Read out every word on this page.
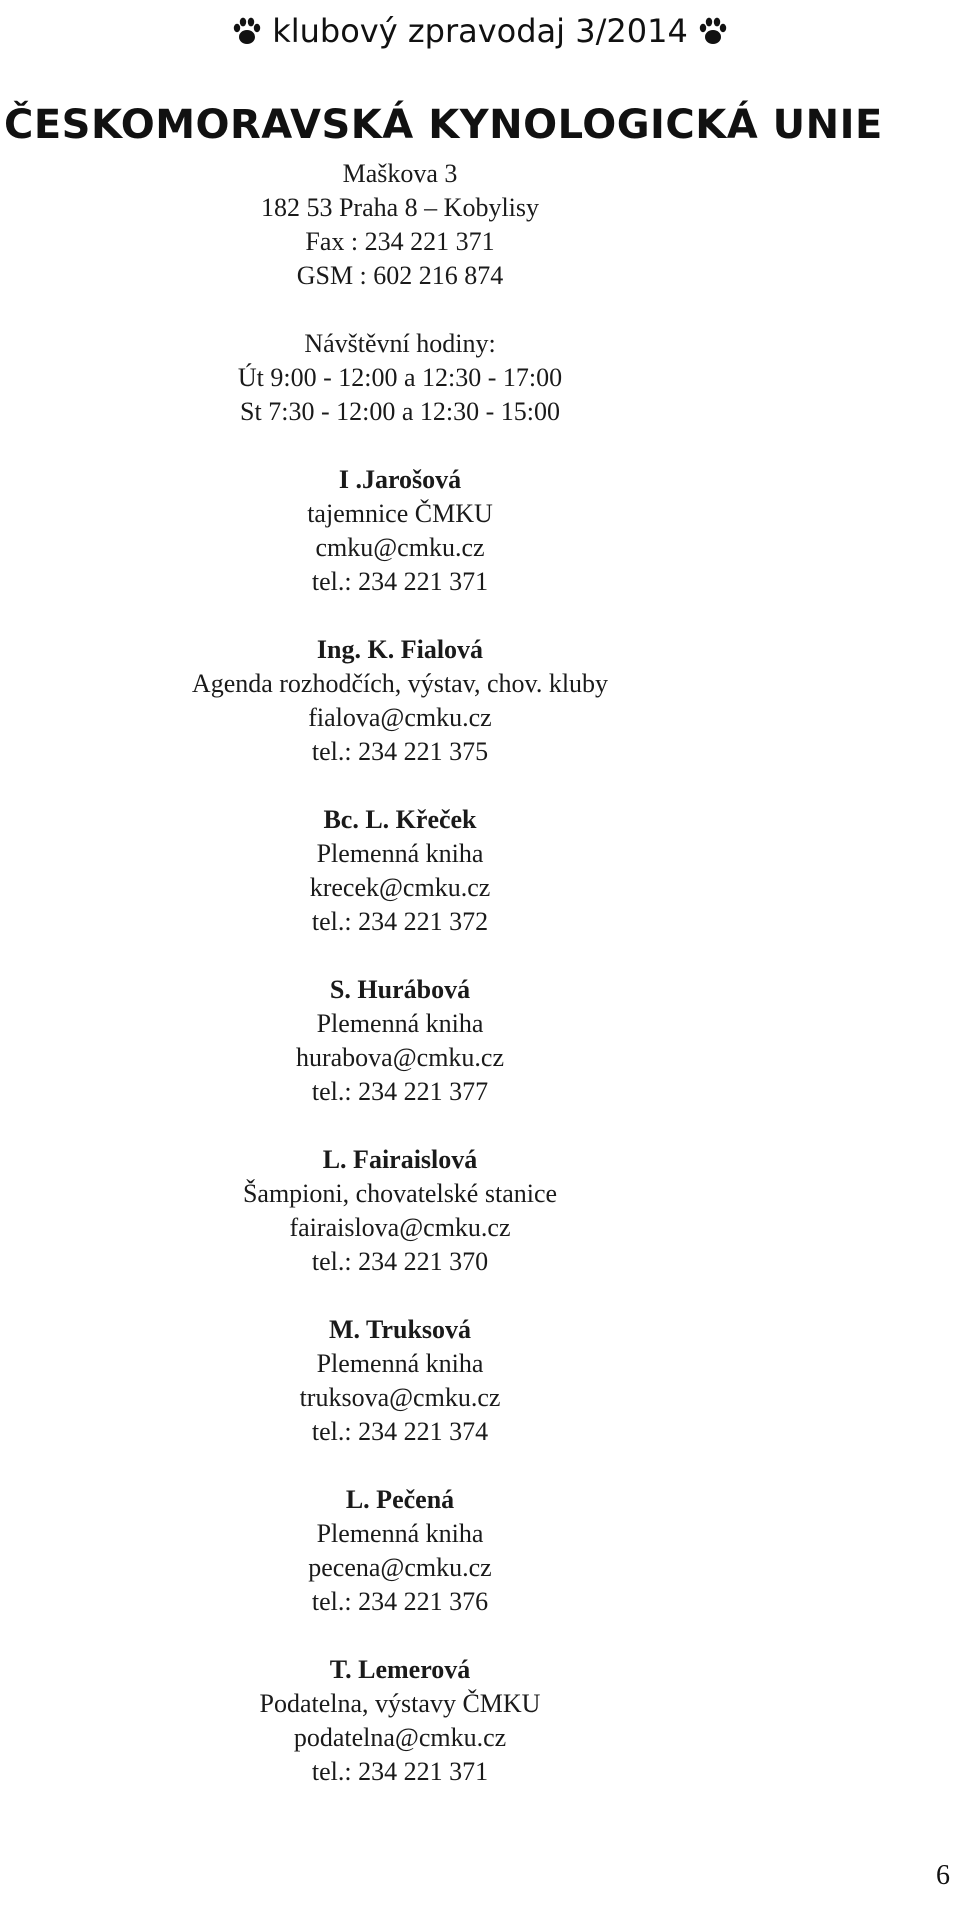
klubový zpravodaj 3/2014
ČESKOMORAVSKÁ KYNOLOGICKÁ UNIE
Maškova 3
182 53 Praha 8 – Kobylisy
Fax : 234 221 371
GSM : 602 216 874
Návštěvní hodiny:
Út 9:00 - 12:00 a 12:30 - 17:00
St 7:30 - 12:00 a 12:30 - 15:00
I .Jarošová
tajemnice ČMKU
cmku@cmku.cz
tel.: 234 221 371
Ing. K. Fialová
Agenda rozhodčích, výstav, chov. kluby
fialova@cmku.cz
tel.: 234 221 375
Bc. L. Křeček
Plemenná kniha
krecek@cmku.cz
tel.: 234 221 372
S. Hurábová
Plemenná kniha
hurabova@cmku.cz
tel.: 234 221 377
L. Fairaislová
Šampioni, chovatelské stanice
fairaislova@cmku.cz
tel.: 234 221 370
M. Truksová
Plemenná kniha
truksova@cmku.cz
tel.: 234 221 374
L. Pečená
Plemenná kniha
pecena@cmku.cz
tel.: 234 221 376
T. Lemerová
Podatelna, výstavy ČMKU
podatelna@cmku.cz
tel.: 234 221 371
6
